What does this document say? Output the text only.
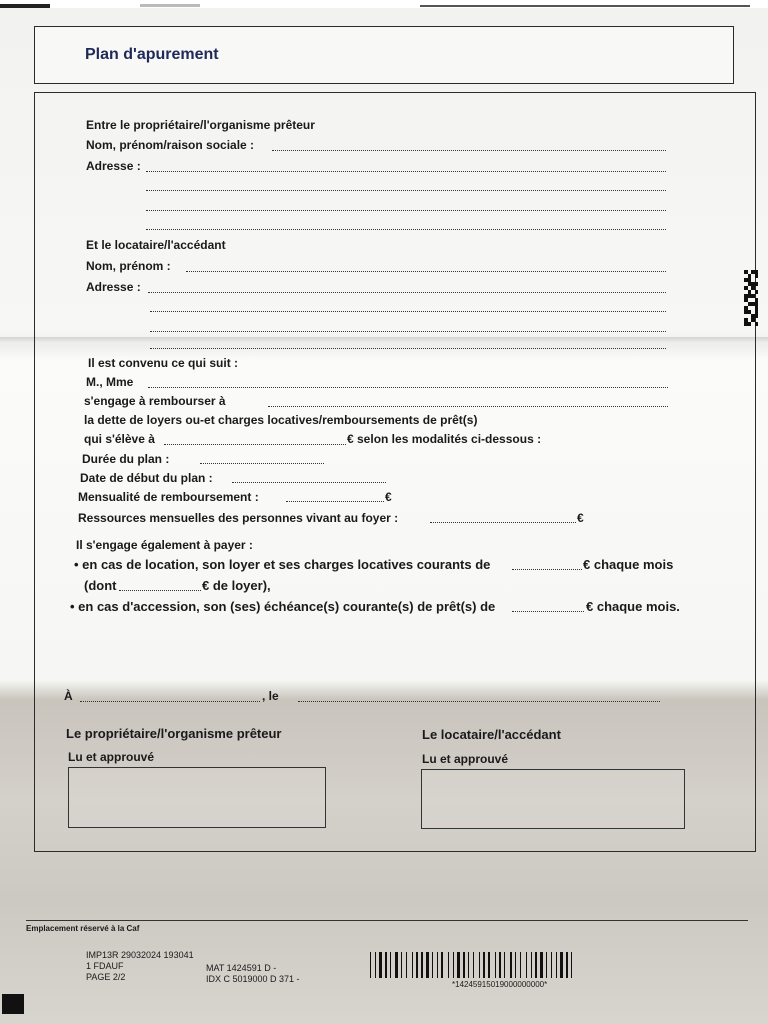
Plan d'apurement
Entre le propriétaire/l'organisme prêteur
Nom, prénom/raison sociale :
Adresse :
Et le locataire/l'accédant
Nom, prénom :
Adresse :
Il est convenu ce qui suit :
M., Mme
s'engage à rembourser à
la dette de loyers ou-et charges locatives/remboursements de prêt(s)
qui s'élève à	€ selon les modalités ci-dessous :
Durée du plan :
Date de début du plan :
Mensualité de remboursement :	€
Ressources mensuelles des personnes vivant au foyer :	€
Il s'engage également à payer :
• en cas de location, son loyer et ses charges locatives courants de	€ chaque mois
(dont	€ de loyer),
• en cas d'accession, son (ses) échéance(s) courante(s) de prêt(s) de	€ chaque mois.
À	, le
Le propriétaire/l'organisme prêteur
Lu et approuvé
Le locataire/l'accédant
Lu et approuvé
Emplacement réservé à la Caf
IMP13R 29032024 193041
1 FDAUF
PAGE 2/2
MAT 1424591 D -
IDX C 5019000 D 371 -
*14245915019000000000*
